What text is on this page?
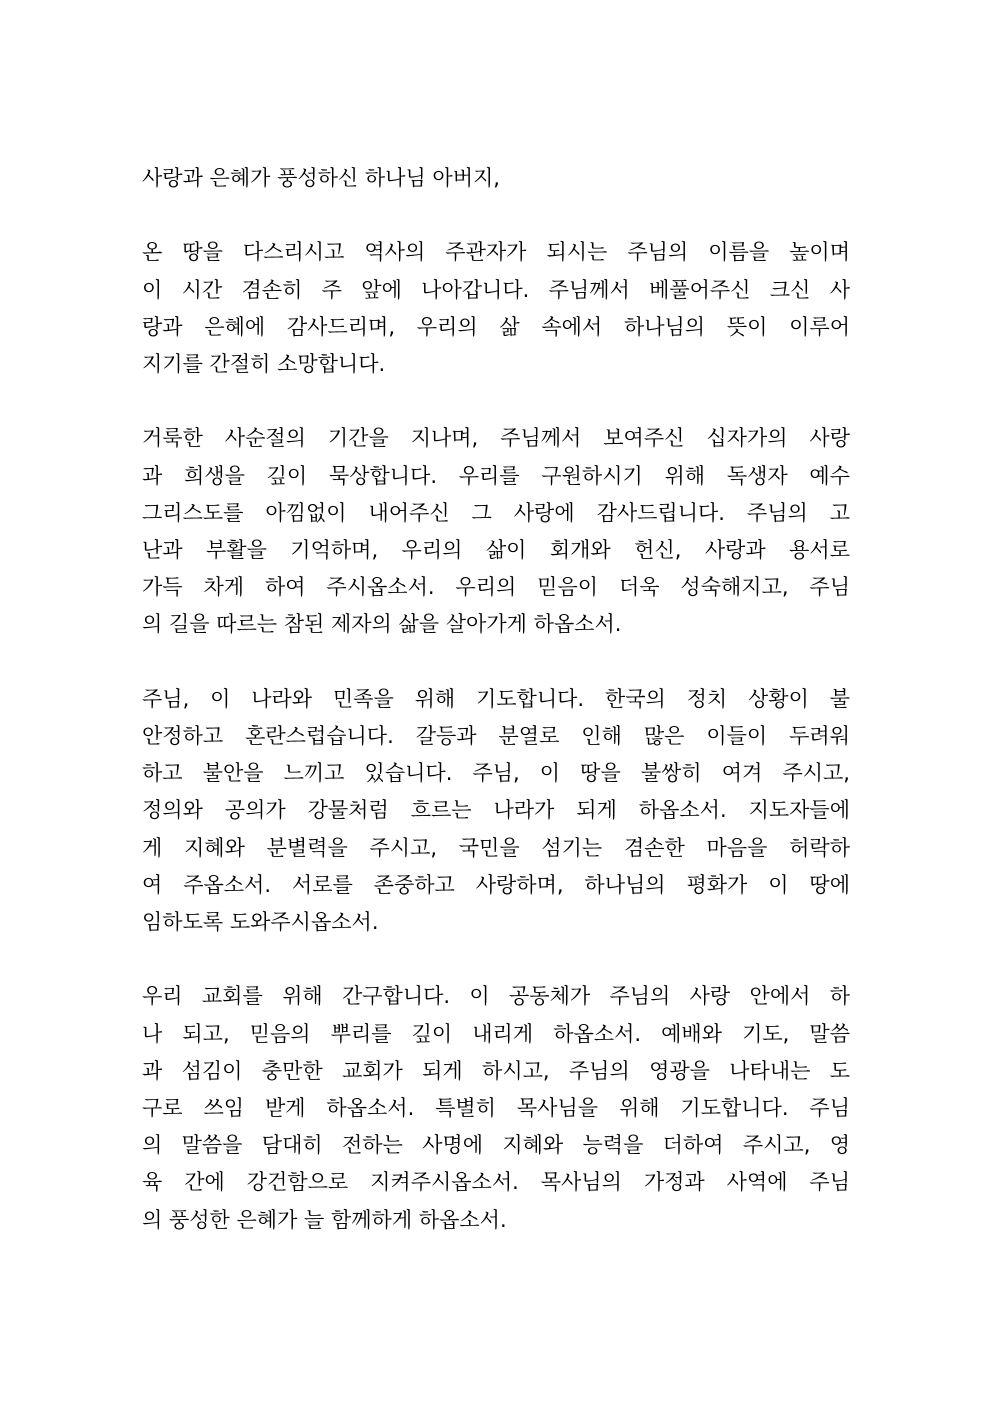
사랑과 은혜가 풍성하신 하나님 아버지,

온 땅을 다스리시고 역사의 주관자가 되시는 주님의 이름을 높이며
이 시간 겸손히 주 앞에 나아갑니다. 주님께서 베풀어주신 크신 사
랑과 은혜에 감사드리며, 우리의 삶 속에서 하나님의 뜻이 이루어
지기를 간절히 소망합니다.

거룩한 사순절의 기간을 지나며, 주님께서 보여주신 십자가의 사랑
과 희생을 깊이 묵상합니다. 우리를 구원하시기 위해 독생자 예수
그리스도를 아낌없이 내어주신 그 사랑에 감사드립니다. 주님의 고
난과 부활을 기억하며, 우리의 삶이 회개와 헌신, 사랑과 용서로
가득 차게 하여 주시옵소서. 우리의 믿음이 더욱 성숙해지고, 주님
의 길을 따르는 참된 제자의 삶을 살아가게 하옵소서.

주님, 이 나라와 민족을 위해 기도합니다. 한국의 정치 상황이 불
안정하고 혼란스럽습니다. 갈등과 분열로 인해 많은 이들이 두려워
하고 불안을 느끼고 있습니다. 주님, 이 땅을 불쌍히 여겨 주시고,
정의와 공의가 강물처럼 흐르는 나라가 되게 하옵소서. 지도자들에
게 지혜와 분별력을 주시고, 국민을 섬기는 겸손한 마음을 허락하
여 주옵소서. 서로를 존중하고 사랑하며, 하나님의 평화가 이 땅에
임하도록 도와주시옵소서.

우리 교회를 위해 간구합니다. 이 공동체가 주님의 사랑 안에서 하
나 되고, 믿음의 뿌리를 깊이 내리게 하옵소서. 예배와 기도, 말씀
과 섬김이 충만한 교회가 되게 하시고, 주님의 영광을 나타내는 도
구로 쓰임 받게 하옵소서. 특별히 목사님을 위해 기도합니다. 주님
의 말씀을 담대히 전하는 사명에 지혜와 능력을 더하여 주시고, 영
육 간에 강건함으로 지켜주시옵소서. 목사님의 가정과 사역에 주님
의 풍성한 은혜가 늘 함께하게 하옵소서.
